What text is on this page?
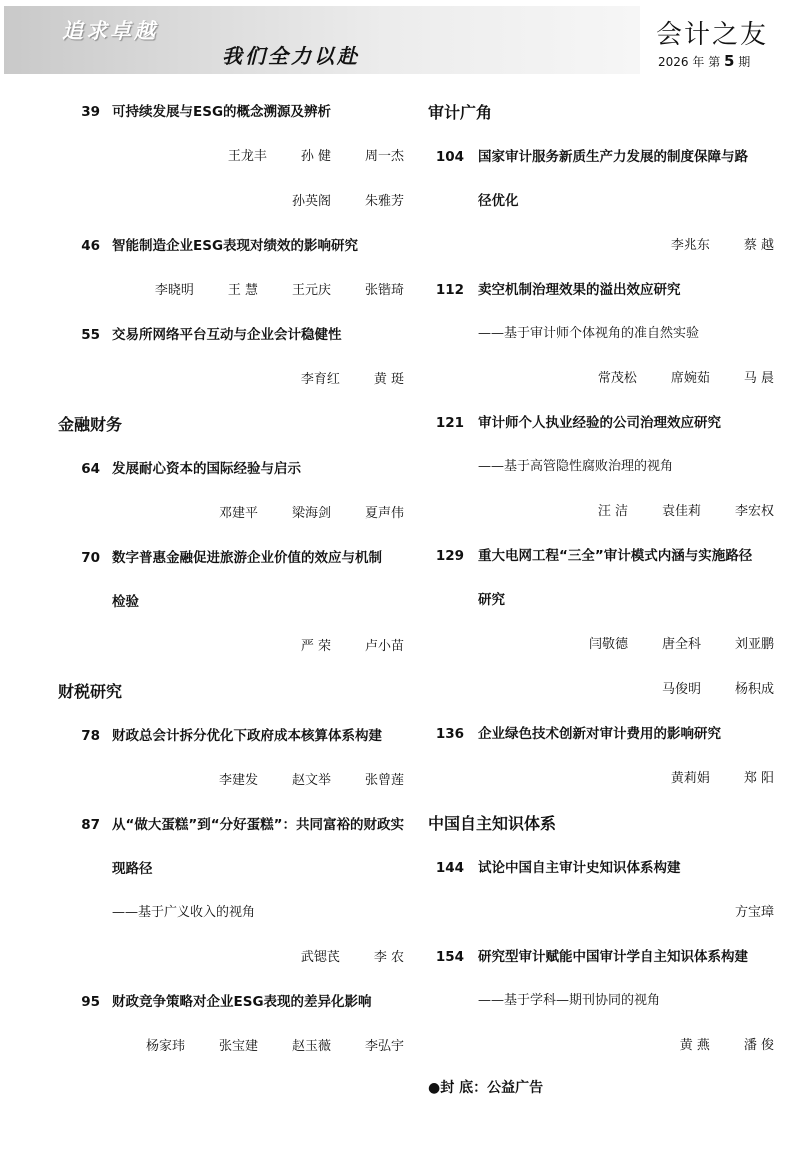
追求卓越
我们全力以赴
会计之友
2026 年 第 5 期
39 可持续发展与ESG的概念溯源及辨析
王龙丰	孙 健	周一杰
孙英阁	朱雅芳
46 智能制造企业ESG表现对绩效的影响研究
李晓明	王 慧	王元庆	张锴琦
55 交易所网络平台互动与企业会计稳健性
李育红	黄 珽
金融财务
64 发展耐心资本的国际经验与启示
邓建平	梁海剑	夏声伟
70 数字普惠金融促进旅游企业价值的效应与机制
检验
严 荣	卢小苗
财税研究
78 财政总会计拆分优化下政府成本核算体系构建
李建发	赵文举	张曾莲
87 从“做大蛋糕”到“分好蛋糕”：共同富裕的财政实
现路径
——基于广义收入的视角
武锶芪	李 农
95 财政竞争策略对企业ESG表现的差异化影响
杨家玮	张宝建	赵玉薇	李弘宇
审计广角
104 国家审计服务新质生产力发展的制度保障与路
径优化
李兆东	蔡 越
112 卖空机制治理效果的溢出效应研究
——基于审计师个体视角的准自然实验
常茂松	席婉茹	马 晨
121 审计师个人执业经验的公司治理效应研究
——基于高管隐性腐败治理的视角
汪 洁	袁佳莉	李宏权
129 重大电网工程“三全”审计模式内涵与实施路径
研究
闫敬德	唐全科	刘亚鹏
马俊明	杨积成
136 企业绿色技术创新对审计费用的影响研究
黄莉娟	郑 阳
中国自主知识体系
144 试论中国自主审计史知识体系构建
方宝璋
154 研究型审计赋能中国审计学自主知识体系构建
——基于学科—期刊协同的视角
黄 燕	潘 俊
●封 底：公益广告
